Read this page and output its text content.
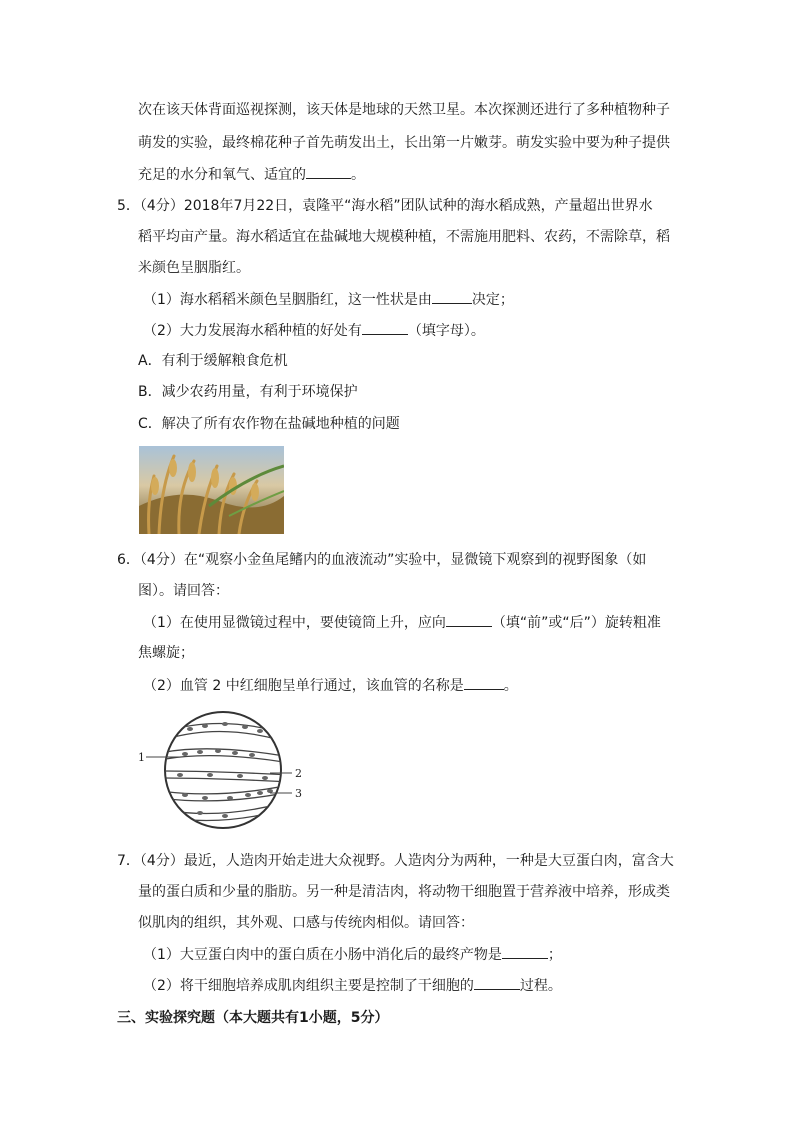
次在该天体背面巡视探测，该天体是地球的天然卫星。本次探测还进行了多种植物种子
萌发的实验，最终棉花种子首先萌发出土，长出第一片嫩芽。萌发实验中要为种子提供
充足的水分和氧气、适宜的	。
5．（4分）2018年7月22日，袁隆平“海水稻”团队试种的海水稻成熟，产量超出世界水
稻平均亩产量。海水稻适宜在盐碱地大规模种植，不需施用肥料、农药，不需除草，稻
米颜色呈胭脂红。
（1）海水稻稻米颜色呈胭脂红，这一性状是由	决定；
（2）大力发展海水稻种植的好处有	（填字母）。
A．有利于缓解粮食危机
B．减少农药用量，有利于环境保护
C．解决了所有农作物在盐碱地种植的问题
6．（4分）在“观察小金鱼尾鳍内的血液流动”实验中，显微镜下观察到的视野图象（如
图）。请回答：
（1）在使用显微镜过程中，要使镜筒上升，应向	（填“前”或“后”）旋转粗准
焦螺旋；
（2）血管 2 中红细胞呈单行通过，该血管的名称是	。
1
2
3
7．（4分）最近，人造肉开始走进大众视野。人造肉分为两种，一种是大豆蛋白肉，富含大
量的蛋白质和少量的脂肪。另一种是清洁肉，将动物干细胞置于营养液中培养，形成类
似肌肉的组织，其外观、口感与传统肉相似。请回答：
（1）大豆蛋白肉中的蛋白质在小肠中消化后的最终产物是	；
（2）将干细胞培养成肌肉组织主要是控制了干细胞的	过程。
三、实验探究题（本大题共有1小题，5分）
